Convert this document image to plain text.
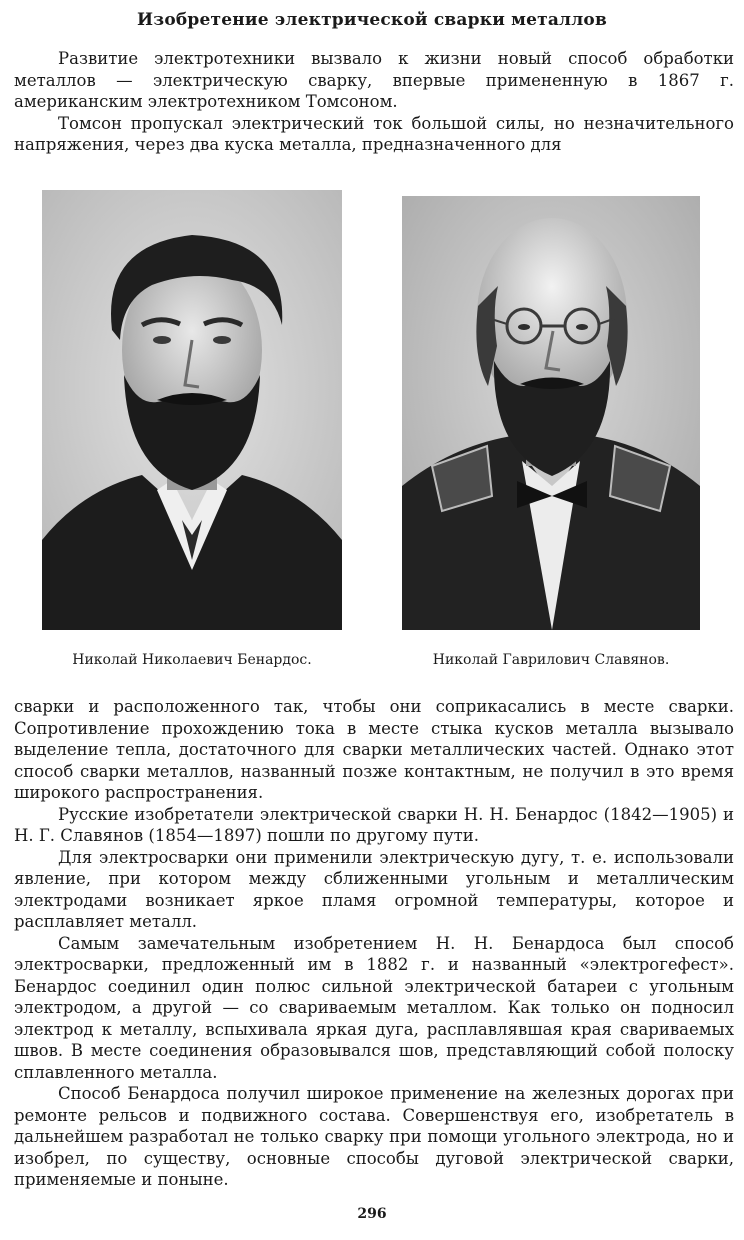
Изобретение электрической сварки металлов

Развитие электротехники вызвало к жизни новый способ обработки металлов — электрическую сварку, впервые примененную в 1867 г. американским электротехником Томсоном.

Томсон пропускал электрический ток большой силы, но незначительного напряжения, через два куска металла, предназначенного для

Николай Николаевич Бенардос.	Николай Гаврилович Славянов.

сварки и расположенного так, чтобы они соприкасались в месте сварки. Сопротивление прохождению тока в месте стыка кусков металла вызывало выделение тепла, достаточного для сварки металлических частей. Однако этот способ сварки металлов, названный позже контактным, не получил в это время широкого распространения.

Русские изобретатели электрической сварки Н. Н. Бенардос (1842—1905) и Н. Г. Славянов (1854—1897) пошли по другому пути.

Для электросварки они применили электрическую дугу, т. е. использовали явление, при котором между сближенными угольным и металлическим электродами возникает яркое пламя огромной температуры, которое и расплавляет металл.

Самым замечательным изобретением Н. Н. Бенардоса был способ электросварки, предложенный им в 1882 г. и названный «электрогефест». Бенардос соединил один полюс сильной электрической батареи с угольным электродом, а другой — со свариваемым металлом. Как только он подносил электрод к металлу, вспыхивала яркая дуга, расплавлявшая края свариваемых швов. В месте соединения образовывался шов, представляющий собой полоску сплавленного металла.

Способ Бенардоса получил широкое применение на железных дорогах при ремонте рельсов и подвижного состава. Совершенствуя его, изобретатель в дальнейшем разработал не только сварку при помощи угольного электрода, но и изобрел, по существу, основные способы дуговой электрической сварки, применяемые и поныне.

296
